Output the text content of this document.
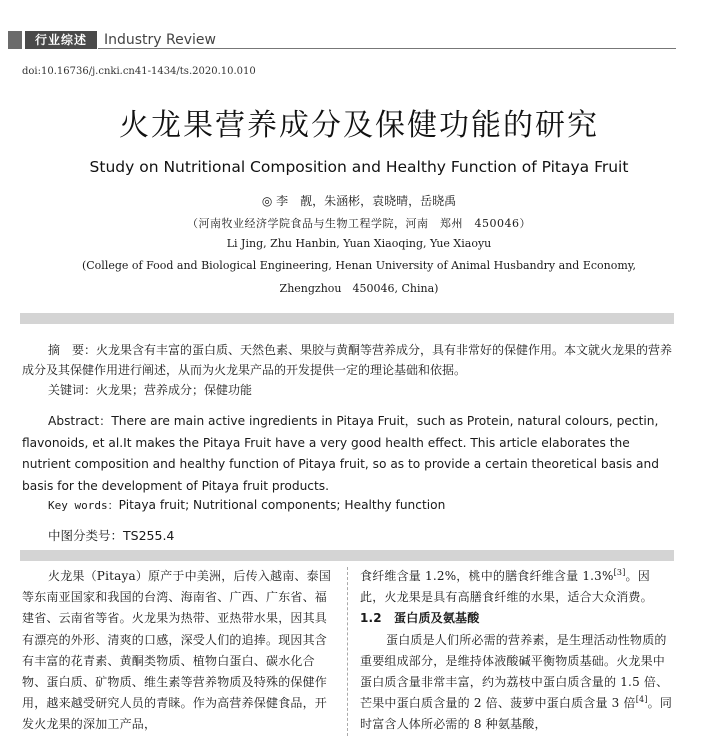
行业综述	Industry Review
doi:10.16736/j.cnki.cn41-1434/ts.2020.10.010
火龙果营养成分及保健功能的研究
Study on Nutritional Composition and Healthy Function of Pitaya Fruit
◎ 李　靓，朱涵彬，袁晓晴，岳晓禹
（河南牧业经济学院食品与生物工程学院，河南　郑州　450046）
Li Jing, Zhu Hanbin, Yuan Xiaoqing, Yue Xiaoyu
(College of Food and Biological Engineering, Henan University of Animal Husbandry and Economy,
Zhengzhou　450046, China)
摘　要：火龙果含有丰富的蛋白质、天然色素、果胶与黄酮等营养成分，具有非常好的保健作用。本文就火龙果的营养成分及其保健作用进行阐述，从而为火龙果产品的开发提供一定的理论基础和依据。
关键词：火龙果；营养成分；保健功能
Abstract：There are main active ingredients in Pitaya Fruit，such as Protein, natural colours, pectin, flavonoids, et al.It makes the Pitaya Fruit have a very good health effect. This article elaborates the nutrient composition and healthy function of Pitaya fruit, so as to provide a certain theoretical basis and basis for the development of Pitaya fruit products.
Key words：Pitaya fruit; Nutritional components; Healthy function
中图分类号：TS255.4

火龙果（Pitaya）原产于中美洲，后传入越南、泰国等东南亚国家和我国的台湾、海南省、广西、广东省、福建省、云南省等省。火龙果为热带、亚热带水果，因其具有漂亮的外形、清爽的口感，深受人们的追捧。现因其含有丰富的花青素、黄酮类物质、植物白蛋白、碳水化合物、蛋白质、矿物质、维生素等营养物质及特殊的保健作用，越来越受研究人员的青睐。作为高营养保健食品，开发火龙果的深加工产品，

食纤维含量 1.2%，桃中的膳食纤维含量 1.3%[3]。因此，火龙果是具有高膳食纤维的水果，适合大众消费。

1.2　蛋白质及氨基酸

蛋白质是人们所必需的营养素，是生理活动性物质的重要组成部分，是维持体液酸碱平衡物质基础。火龙果中蛋白质含量非常丰富，约为荔枝中蛋白质含量的 1.5 倍、芒果中蛋白质含量的 2 倍、菠萝中蛋白质含量 3 倍[4]。同时富含人体所必需的 8 种氨基酸，
